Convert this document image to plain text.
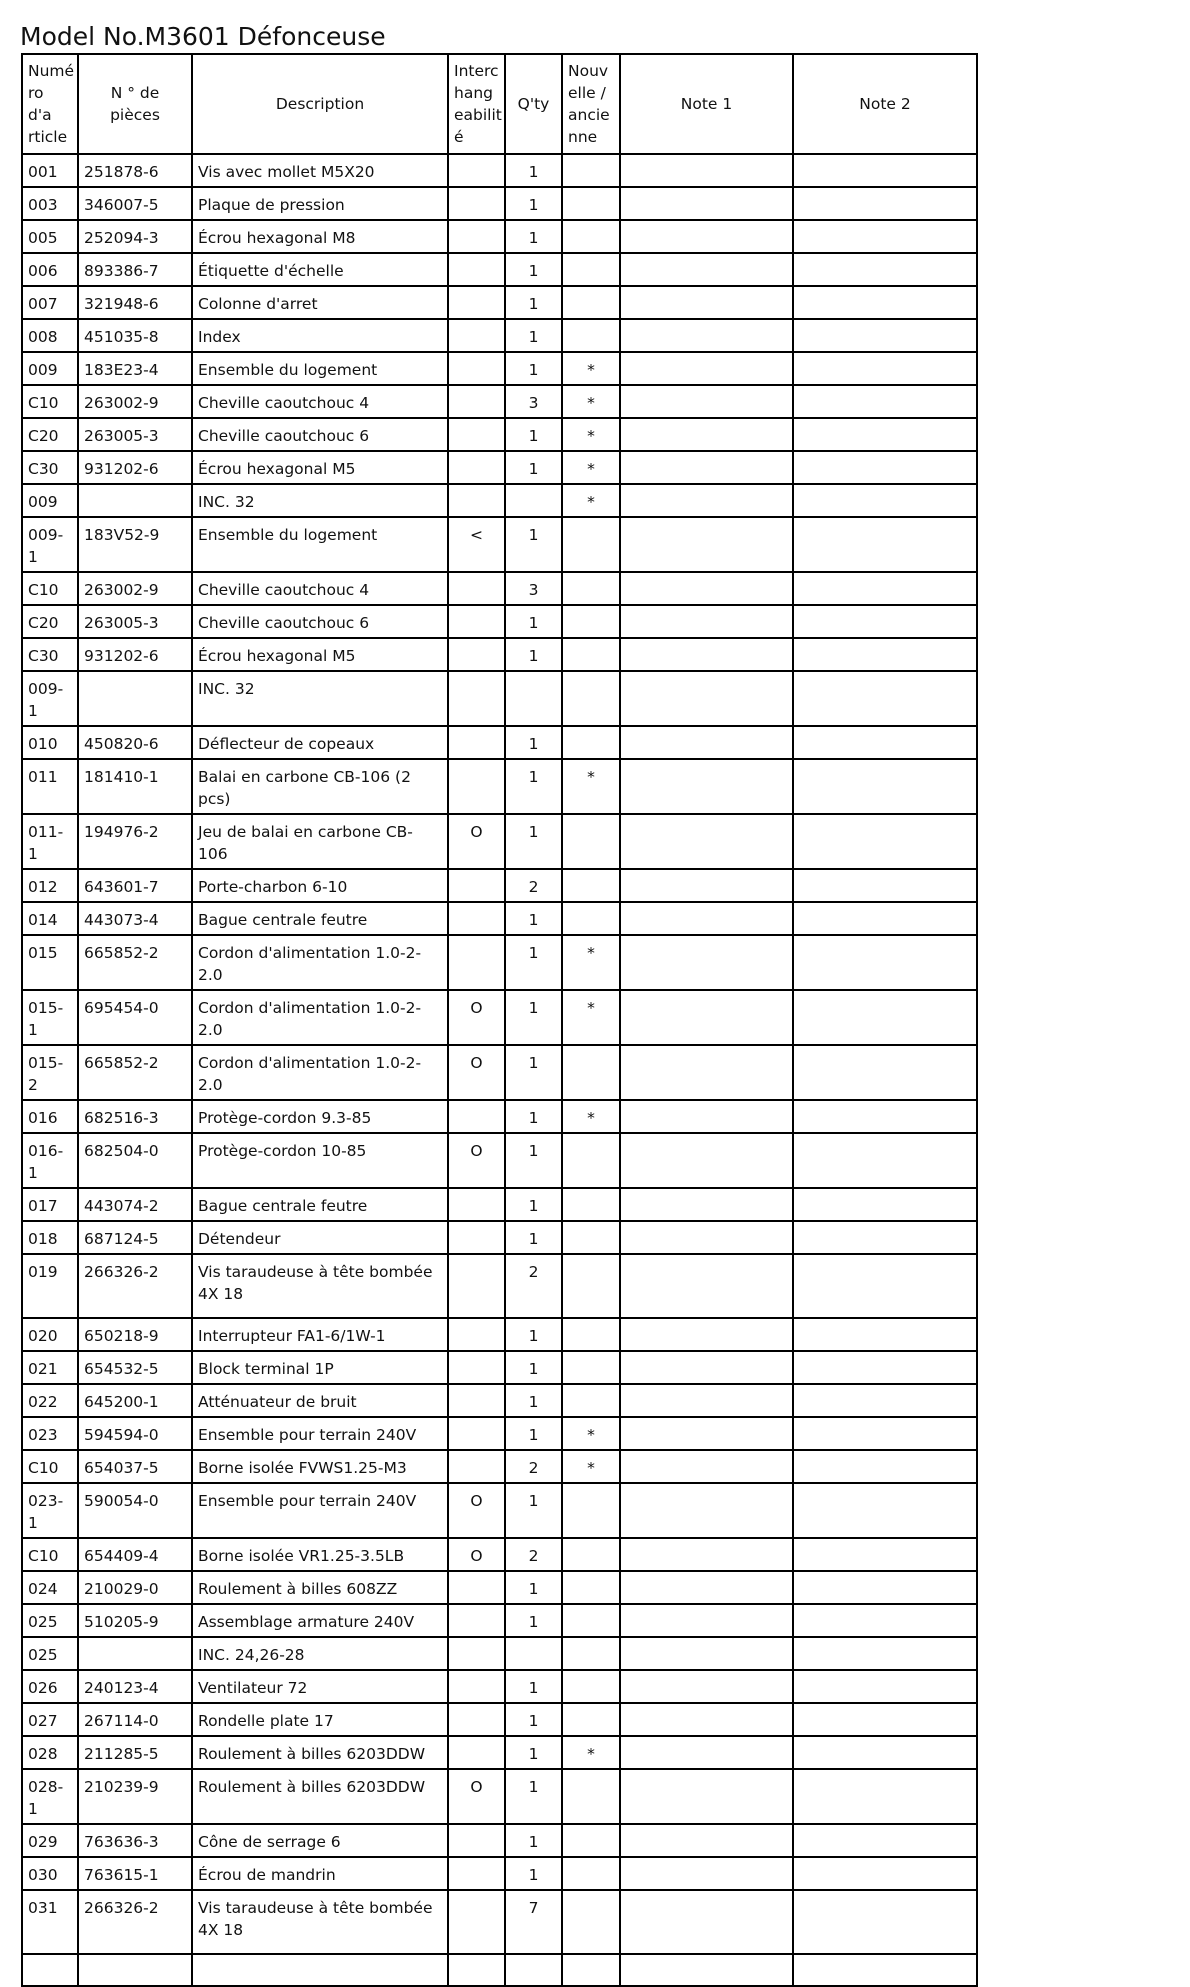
Model No.M3601 Défonceuse
Numé ro d'a rticle	N ° de pièces	Description	Interc hang eabilit é	Q'ty	Nouv elle / ancie nne	Note 1	Note 2
001	251878-6	Vis avec mollet M5X20		1			
003	346007-5	Plaque de pression		1			
005	252094-3	Écrou hexagonal M8		1			
006	893386-7	Étiquette d'échelle		1			
007	321948-6	Colonne d'arret		1			
008	451035-8	Index		1			
009	183E23-4	Ensemble du logement		1	*		
C10	263002-9	Cheville caoutchouc 4		3	*		
C20	263005-3	Cheville caoutchouc 6		1	*		
C30	931202-6	Écrou hexagonal M5		1	*		
009		INC. 32			*		
009-1	183V52-9	Ensemble du logement	<	1			
C10	263002-9	Cheville caoutchouc 4		3			
C20	263005-3	Cheville caoutchouc 6		1			
C30	931202-6	Écrou hexagonal M5		1			
009-1		INC. 32					
010	450820-6	Déflecteur de copeaux		1			
011	181410-1	Balai en carbone CB-106 (2 pcs)		1	*		
011-1	194976-2	Jeu de balai en carbone CB-106	O	1			
012	643601-7	Porte-charbon 6-10		2			
014	443073-4	Bague centrale feutre		1			
015	665852-2	Cordon d'alimentation 1.0-2-2.0		1	*		
015-1	695454-0	Cordon d'alimentation 1.0-2-2.0	O	1	*		
015-2	665852-2	Cordon d'alimentation 1.0-2-2.0	O	1			
016	682516-3	Protège-cordon 9.3-85		1	*		
016-1	682504-0	Protège-cordon 10-85	O	1			
017	443074-2	Bague centrale feutre		1			
018	687124-5	Détendeur		1			
019	266326-2	Vis taraudeuse à tête bombée 4X 18		2			
020	650218-9	Interrupteur FA1-6/1W-1		1			
021	654532-5	Block terminal 1P		1			
022	645200-1	Atténuateur de bruit		1			
023	594594-0	Ensemble pour terrain 240V		1	*		
C10	654037-5	Borne isolée FVWS1.25-M3		2	*		
023-1	590054-0	Ensemble pour terrain 240V	O	1			
C10	654409-4	Borne isolée VR1.25-3.5LB	O	2			
024	210029-0	Roulement à billes 608ZZ		1			
025	510205-9	Assemblage armature 240V		1			
025		INC. 24,26-28					
026	240123-4	Ventilateur 72		1			
027	267114-0	Rondelle plate 17		1			
028	211285-5	Roulement à billes 6203DDW		1	*		
028-1	210239-9	Roulement à billes 6203DDW	O	1			
029	763636-3	Cône de serrage 6		1			
030	763615-1	Écrou de mandrin		1			
031	266326-2	Vis taraudeuse à tête bombée 4X 18		7			
